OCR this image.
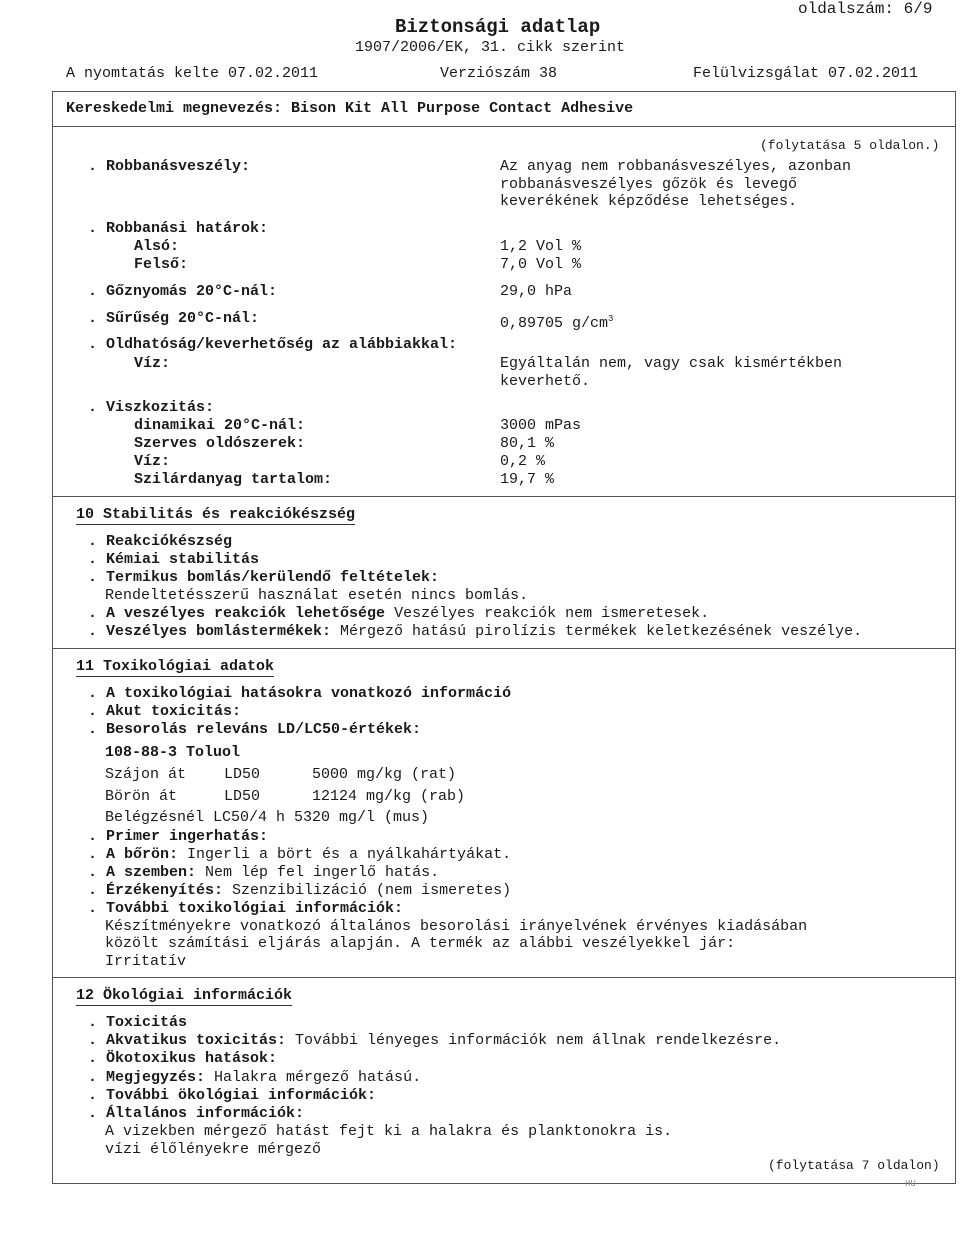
oldalszám: 6/9
Biztonsági adatlap
1907/2006/EK, 31. cikk szerint
A nyomtatás kelte 07.02.2011	Verziószám 38	Felülvizsgálat 07.02.2011
Kereskedelmi megnevezés: Bison Kit All Purpose Contact Adhesive
(folytatása 5 oldalon.)
. Robbanásveszély:	Az anyag nem robbanásveszélyes, azonban
robbanásveszélyes gőzök és levegő
keverékének képződése lehetséges.
. Robbanási határok:
Alsó:	1,2 Vol %
Felső:	7,0 Vol %
. Gőznyomás 20°C-nál:	29,0 hPa
. Sűrűség 20°C-nál:	0,89705 $g/cm^3$
. Oldhatóság/keverhetőség az alábbiakkal:
Víz:	Egyáltalán nem, vagy csak kismértékben
keverhető.
. Viszkozitás:
dinamikai 20°C-nál:	3000 mPas
Szerves oldószerek:	80,1 %
Víz:	0,2 %
Szilárdanyag tartalom:	19,7 %
10 Stabilitás és reakciókészség
. Reakciókészség
. Kémiai stabilitás
. Termikus bomlás/kerülendő feltételek:
Rendeltetésszerű használat esetén nincs bomlás.
. A veszélyes reakciók lehetősége Veszélyes reakciók nem ismeretesek.
. Veszélyes bomlástermékek: Mérgező hatású pirolízis termékek keletkezésének veszélye.
11 Toxikológiai adatok
. A toxikológiai hatásokra vonatkozó információ
. Akut toxicitás:
. Besorolás releváns LD/LC50-értékek:
108-88-3 Toluol
Szájon át	LD50	5000 mg/kg (rat)
Börön át	LD50	12124 mg/kg (rab)
Belégzésnél LC50/4 h 5320 mg/l (mus)
. Primer ingerhatás:
. A bőrön: Ingerli a bört és a nyálkahártyákat.
. A szemben: Nem lép fel ingerlő hatás.
. Érzékenyítés: Szenzibilizáció (nem ismeretes)
. További toxikológiai információk:
Készítményekre vonatkozó általános besorolási irányelvének érvényes kiadásában
közölt számítási eljárás alapján. A termék az alábbi veszélyekkel jár:
Irritatív
12 Ökológiai információk
. Toxicitás
. Akvatikus toxicitás: További lényeges információk nem állnak rendelkezésre.
. Ökotoxikus hatások:
. Megjegyzés: Halakra mérgező hatású.
. További ökológiai információk:
. Általános információk:
A vizekben mérgező hatást fejt ki a halakra és planktonokra is.
vízi élőlényekre mérgező
(folytatása 7 oldalon)
HU
